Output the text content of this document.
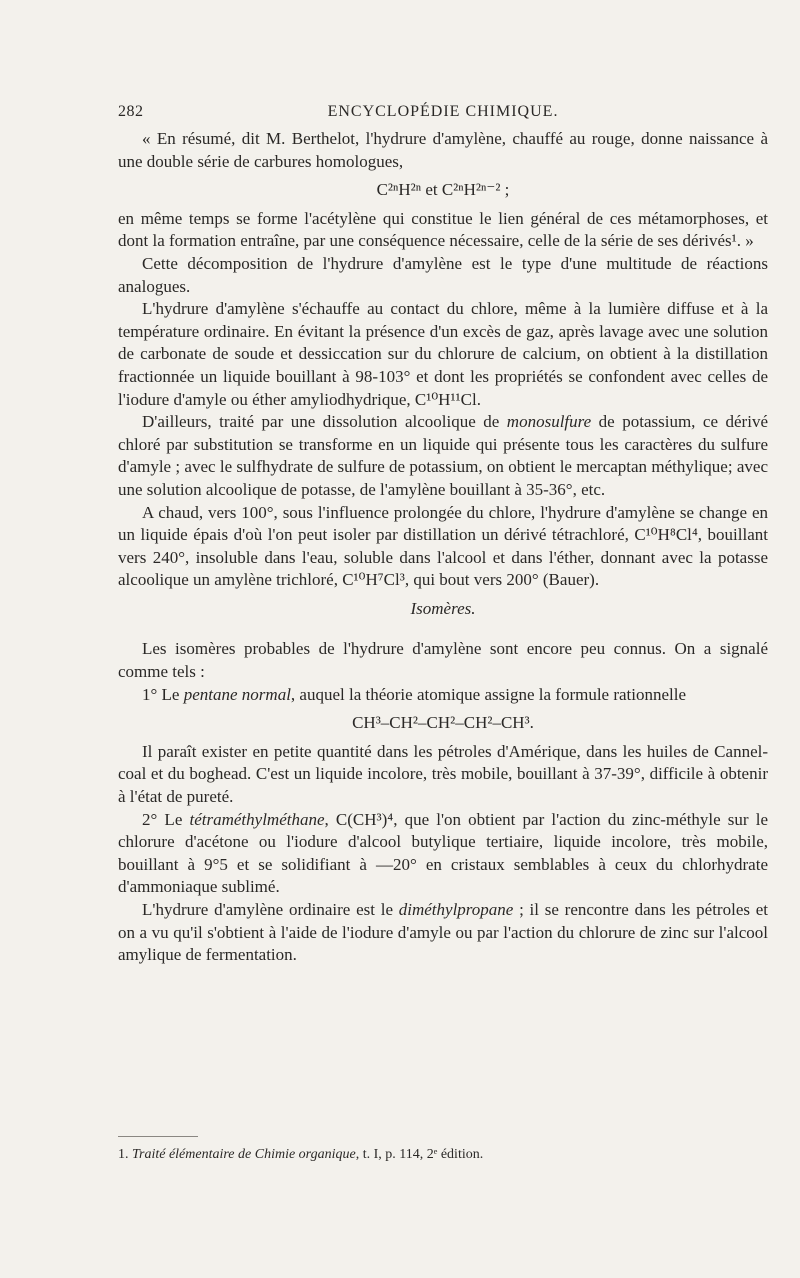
282	ENCYCLOPÉDIE CHIMIQUE.

« En résumé, dit M. Berthelot, l'hydrure d'amylène, chauffé au rouge, donne naissance à une double série de carbures homologues,

C²ⁿH²ⁿ et C²ⁿH²ⁿ⁻² ;

en même temps se forme l'acétylène qui constitue le lien général de ces métamorphoses, et dont la formation entraîne, par une conséquence nécessaire, celle de la série de ses dérivés¹. »

Cette décomposition de l'hydrure d'amylène est le type d'une multitude de réactions analogues.

L'hydrure d'amylène s'échauffe au contact du chlore, même à la lumière diffuse et à la température ordinaire. En évitant la présence d'un excès de gaz, après lavage avec une solution de carbonate de soude et dessiccation sur du chlorure de calcium, on obtient à la distillation fractionnée un liquide bouillant à 98-103° et dont les propriétés se confondent avec celles de l'iodure d'amyle ou éther amyliodhydrique, C¹⁰H¹¹Cl.

D'ailleurs, traité par une dissolution alcoolique de monosulfure de potassium, ce dérivé chloré par substitution se transforme en un liquide qui présente tous les caractères du sulfure d'amyle ; avec le sulfhydrate de sulfure de potassium, on obtient le mercaptan méthylique; avec une solution alcoolique de potasse, de l'amylène bouillant à 35-36°, etc.

A chaud, vers 100°, sous l'influence prolongée du chlore, l'hydrure d'amylène se change en un liquide épais d'où l'on peut isoler par distillation un dérivé tétrachloré, C¹⁰H⁸Cl⁴, bouillant vers 240°, insoluble dans l'eau, soluble dans l'alcool et dans l'éther, donnant avec la potasse alcoolique un amylène trichloré, C¹⁰H⁷Cl³, qui bout vers 200° (Bauer).

Isomères.

Les isomères probables de l'hydrure d'amylène sont encore peu connus. On a signalé comme tels :

1° Le pentane normal, auquel la théorie atomique assigne la formule rationnelle

CH³–CH²–CH²–CH²–CH³.

Il paraît exister en petite quantité dans les pétroles d'Amérique, dans les huiles de Cannel-coal et du boghead. C'est un liquide incolore, très mobile, bouillant à 37-39°, difficile à obtenir à l'état de pureté.

2° Le tétraméthylméthane, C(CH³)⁴, que l'on obtient par l'action du zinc-méthyle sur le chlorure d'acétone ou l'iodure d'alcool butylique tertiaire, liquide incolore, très mobile, bouillant à 9°5 et se solidifiant à —20° en cristaux semblables à ceux du chlorhydrate d'ammoniaque sublimé.

L'hydrure d'amylène ordinaire est le diméthylpropane ; il se rencontre dans les pétroles et on a vu qu'il s'obtient à l'aide de l'iodure d'amyle ou par l'action du chlorure de zinc sur l'alcool amylique de fermentation.

1. Traité élémentaire de Chimie organique, t. I, p. 114, 2ᵉ édition.
